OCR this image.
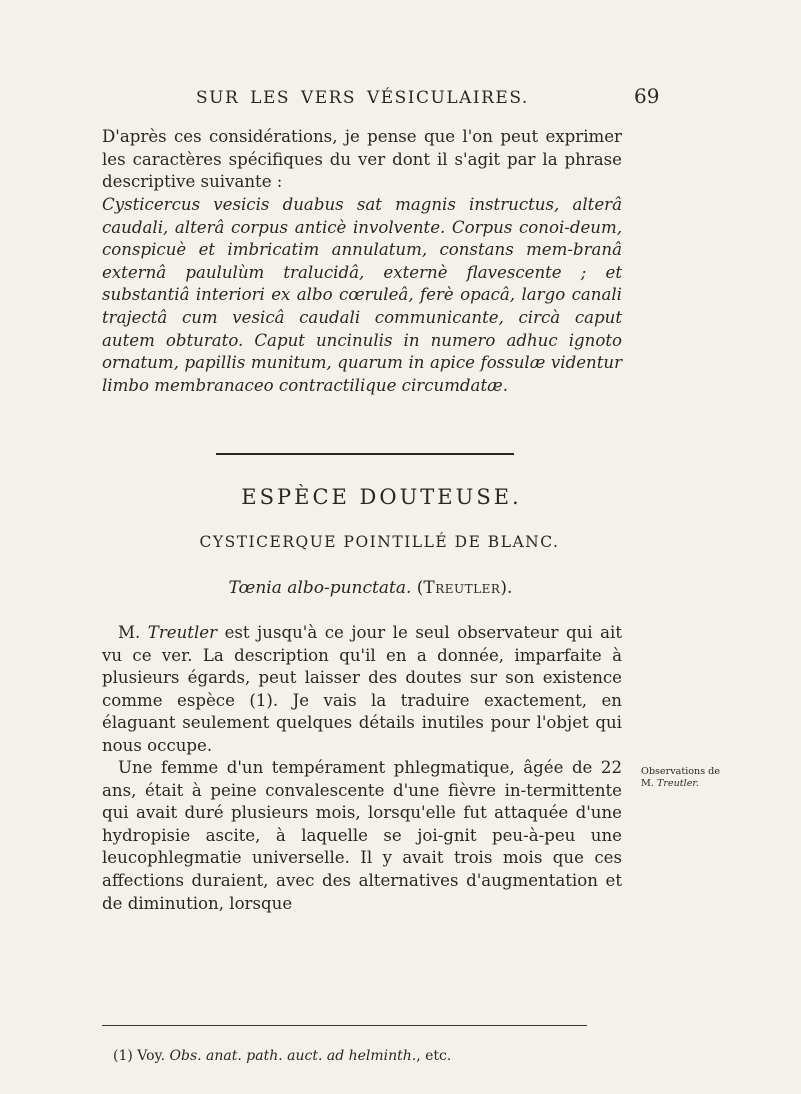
SUR LES VERS VÉSICULAIRES.	69
D'après ces considérations, je pense que l'on peut exprimer les caractères spécifiques du ver dont il s'agit par la phrase descriptive suivante :
Cysticercus vesicis duabus sat magnis instructus, alterâ caudali, alterâ corpus anticè involvente. Corpus conoi-deum, conspicuè et imbricatim annulatum, constans mem-branâ externâ paululùm tralucidâ, externè flavescente ; et substantiâ interiori ex albo cœruleâ, ferè opacâ, largo canali trajectâ cum vesicâ caudali communicante, circà caput autem obturato. Caput uncinulis in numero adhuc ignoto ornatum, papillis munitum, quarum in apice fossulæ videntur limbo membranaceo contractilique circumdatæ.
ESPÈCE DOUTEUSE.
CYSTICERQUE POINTILLÉ DE BLANC.
Tœnia albo-punctata. (Treutler).
M. Treutler est jusqu'à ce jour le seul observateur qui ait vu ce ver. La description qu'il en a donnée, imparfaite à plusieurs égards, peut laisser des doutes sur son existence comme espèce (1). Je vais la traduire exactement, en élaguant seulement quelques détails inutiles pour l'objet qui nous occupe.
Une femme d'un tempérament phlegmatique, âgée de 22 ans, était à peine convalescente d'une fièvre in-termittente qui avait duré plusieurs mois, lorsqu'elle fut attaquée d'une hydropisie ascite, à laquelle se joi-gnit peu-à-peu une leucophlegmatie universelle. Il y avait trois mois que ces affections duraient, avec des alternatives d'augmentation et de diminution, lorsque
Observations de
M. Treutler.
(1) Voy. Obs. anat. path. auct. ad helminth., etc.
